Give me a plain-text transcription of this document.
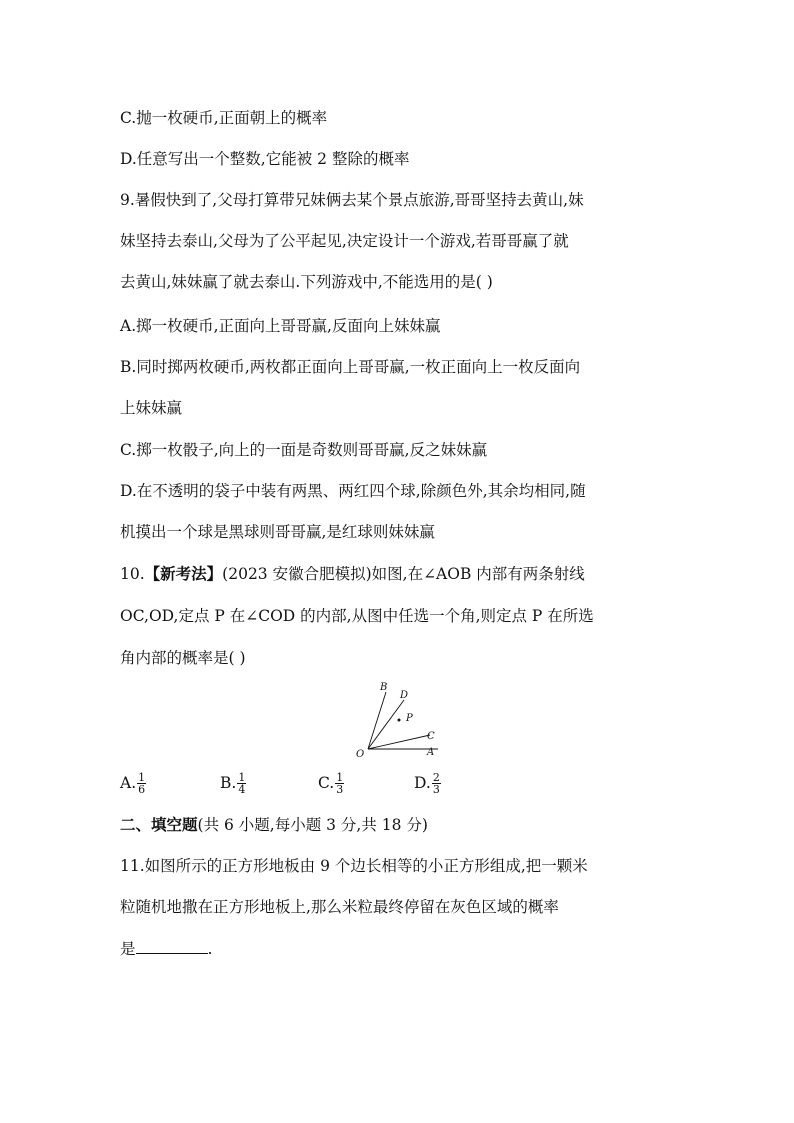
C.抛一枚硬币,正面朝上的概率
D.任意写出一个整数,它能被 2 整除的概率
9.暑假快到了,父母打算带兄妹俩去某个景点旅游,哥哥坚持去黄山,妹
妹坚持去泰山,父母为了公平起见,决定设计一个游戏,若哥哥赢了就
去黄山,妹妹赢了就去泰山.下列游戏中,不能选用的是( )
A.掷一枚硬币,正面向上哥哥赢,反面向上妹妹赢
B.同时掷两枚硬币,两枚都正面向上哥哥赢,一枚正面向上一枚反面向
上妹妹赢
C.掷一枚骰子,向上的一面是奇数则哥哥赢,反之妹妹赢
D.在不透明的袋子中装有两黑、两红四个球,除颜色外,其余均相同,随
机摸出一个球是黑球则哥哥赢,是红球则妹妹赢
10.【新考法】(2023 安徽合肥模拟)如图,在∠AOB 内部有两条射线
OC,OD,定点 P 在∠COD 的内部,从图中任选一个角,则定点 P 在所选
角内部的概率是( )
B
D
P
C
O	A
A. $\frac{1}{6}$	B. $\frac{1}{4}$	C. $\frac{1}{3}$	D. $\frac{2}{3}$
二、填空题(共 6 小题,每小题 3 分,共 18 分)
11.如图所示的正方形地板由 9 个边长相等的小正方形组成,把一颗米
粒随机地撒在正方形地板上,那么米粒最终停留在灰色区域的概率
是	.
